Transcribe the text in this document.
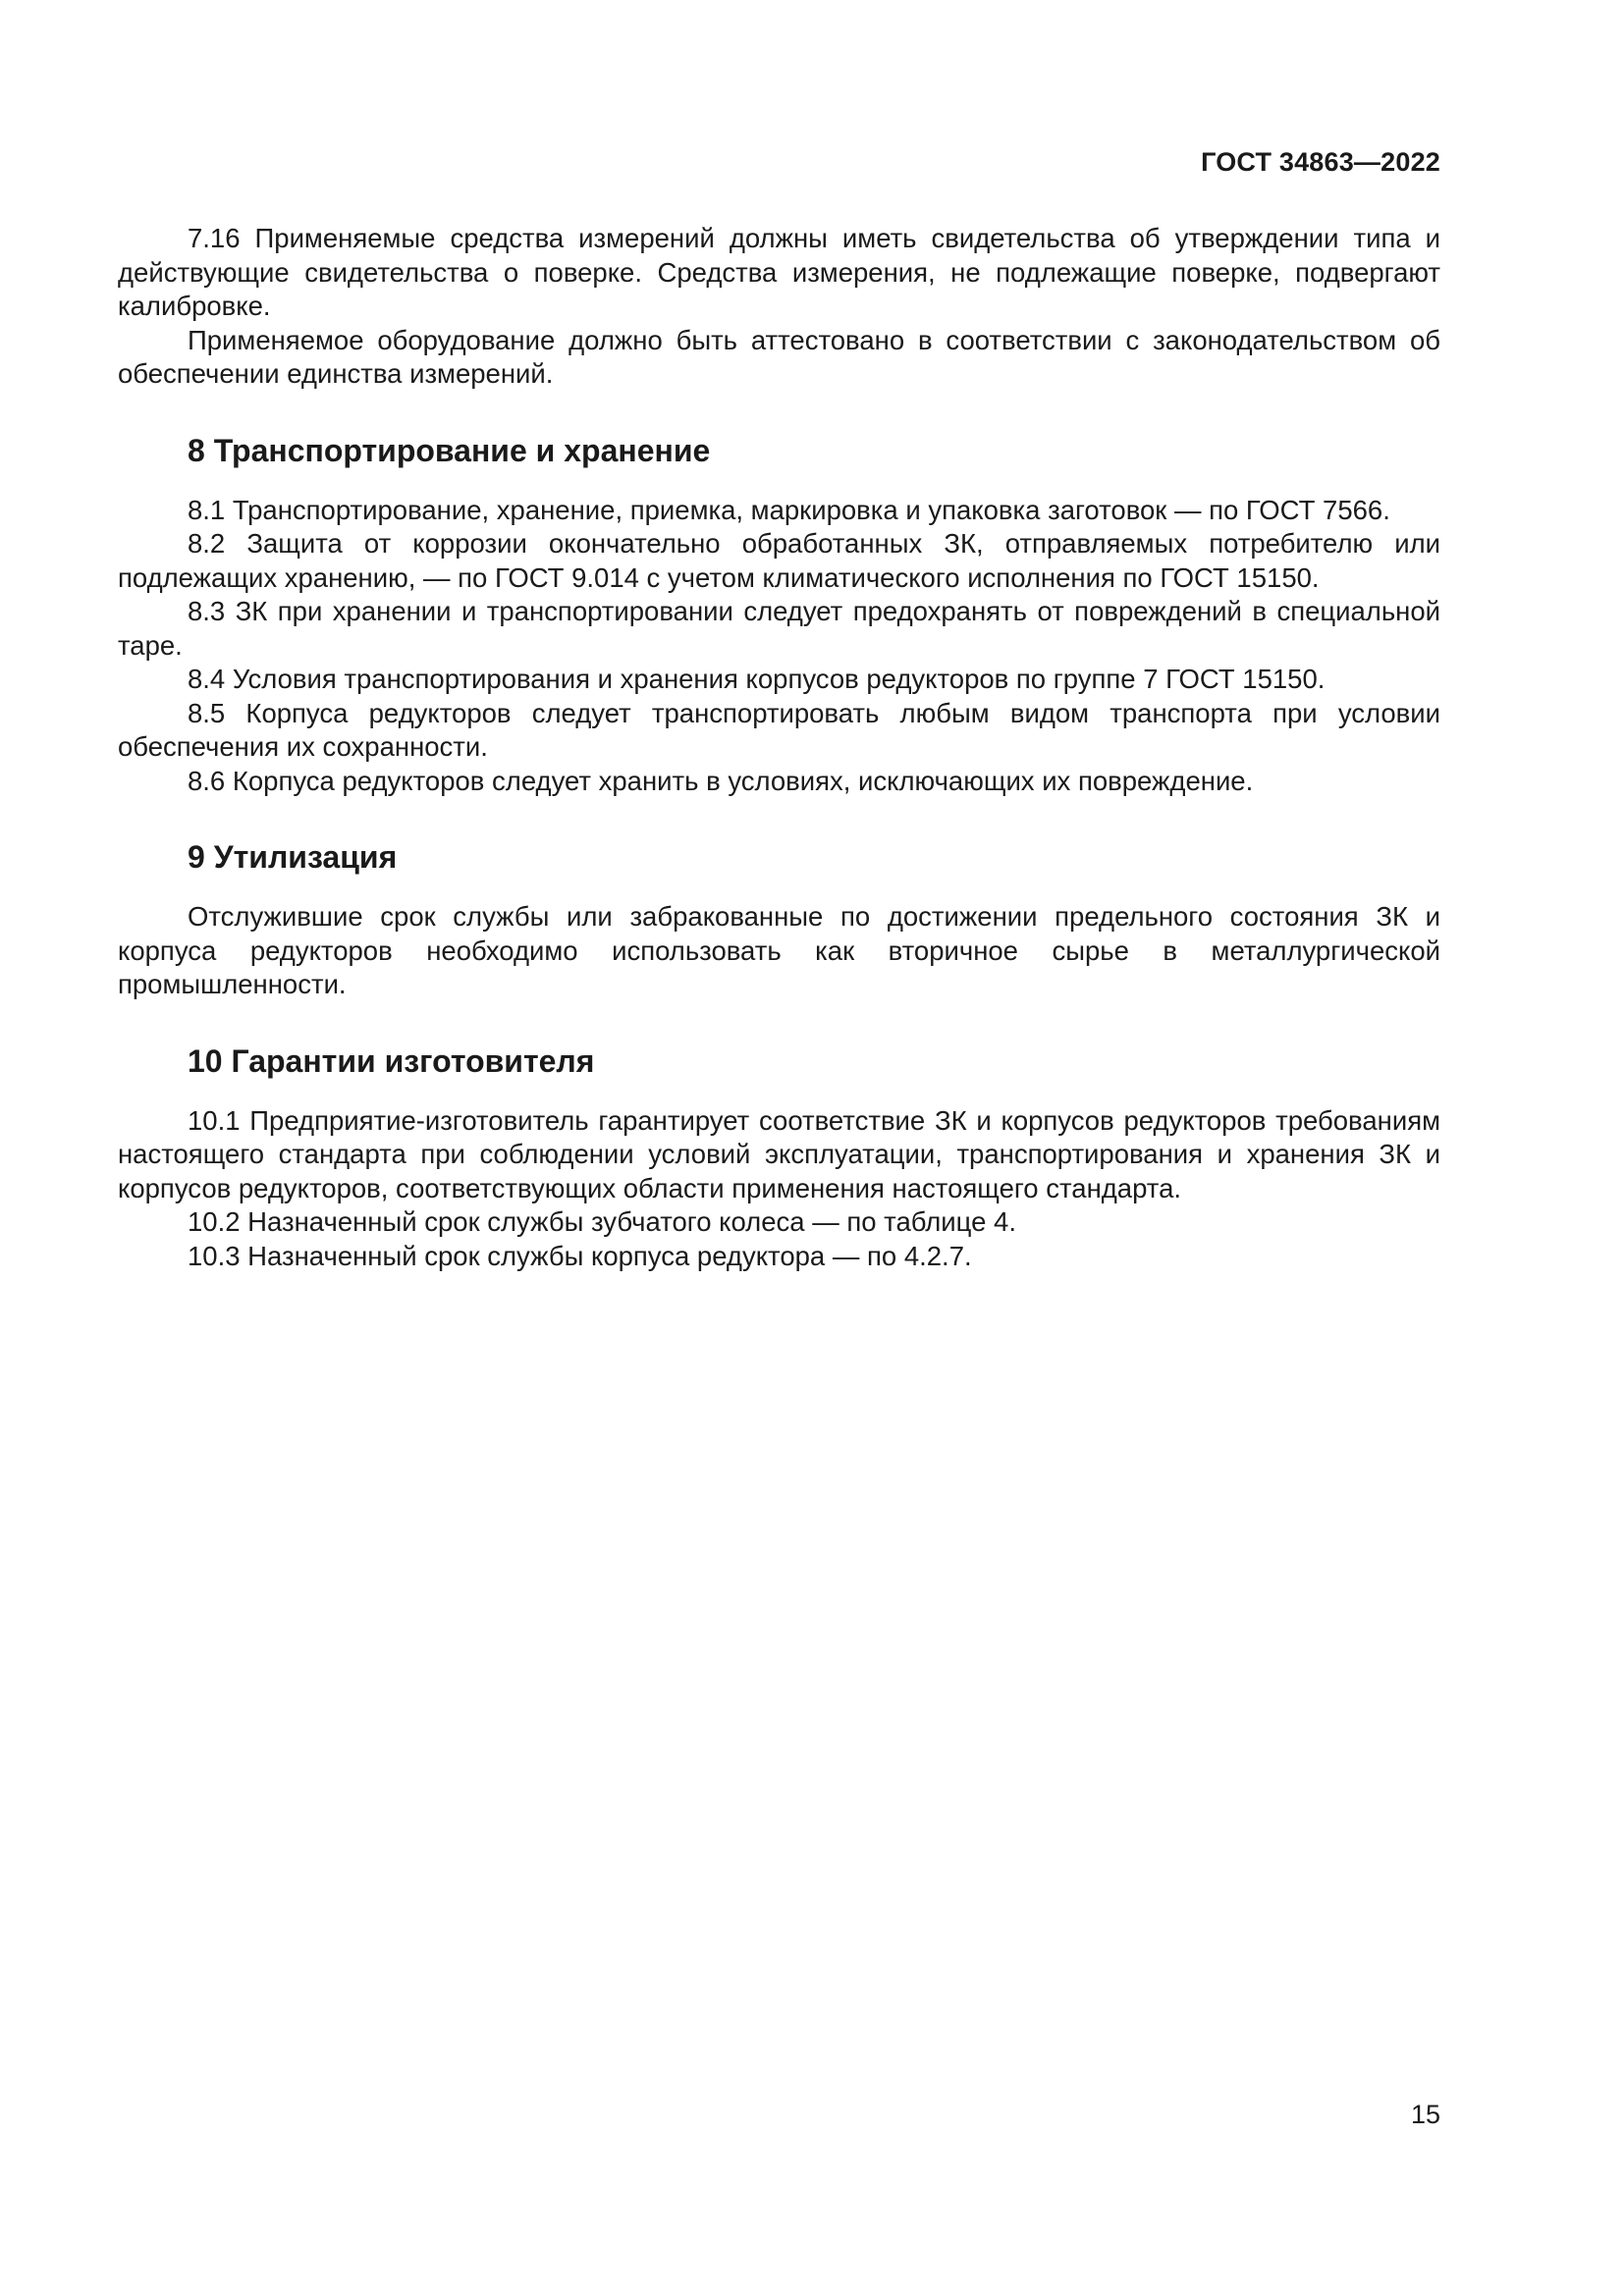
ГОСТ 34863—2022

7.16 Применяемые средства измерений должны иметь свидетельства об утверждении типа и действующие свидетельства о поверке. Средства измерения, не подлежащие поверке, подвергают калибровке.

Применяемое оборудование должно быть аттестовано в соответствии с законодательством об обеспечении единства измерений.

8 Транспортирование и хранение

8.1 Транспортирование, хранение, приемка, маркировка и упаковка заготовок — по ГОСТ 7566.

8.2 Защита от коррозии окончательно обработанных ЗК, отправляемых потребителю или подлежащих хранению, — по ГОСТ 9.014 с учетом климатического исполнения по ГОСТ 15150.

8.3 ЗК при хранении и транспортировании следует предохранять от повреждений в специальной таре.

8.4 Условия транспортирования и хранения корпусов редукторов по группе 7 ГОСТ 15150.

8.5 Корпуса редукторов следует транспортировать любым видом транспорта при условии обеспечения их сохранности.

8.6 Корпуса редукторов следует хранить в условиях, исключающих их повреждение.

9 Утилизация

Отслужившие срок службы или забракованные по достижении предельного состояния ЗК и корпуса редукторов необходимо использовать как вторичное сырье в металлургической промышленности.

10 Гарантии изготовителя

10.1 Предприятие-изготовитель гарантирует соответствие ЗК и корпусов редукторов требованиям настоящего стандарта при соблюдении условий эксплуатации, транспортирования и хранения ЗК и корпусов редукторов, соответствующих области применения настоящего стандарта.

10.2 Назначенный срок службы зубчатого колеса — по таблице 4.

10.3 Назначенный срок службы корпуса редуктора — по 4.2.7.

15
